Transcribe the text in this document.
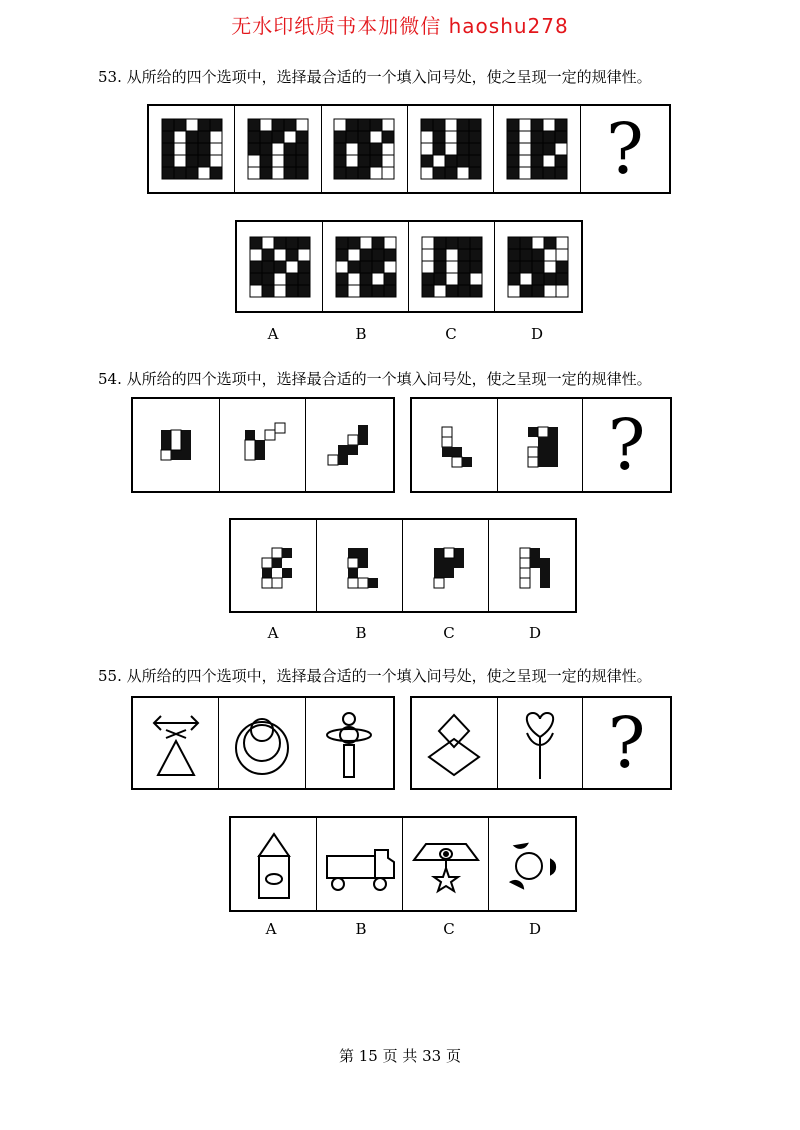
无水印纸质书本加微信 haoshu278
53. 从所给的四个选项中，选择最合适的一个填入问号处，使之呈现一定的规律性。
?
A	B	C	D
54. 从所给的四个选项中，选择最合适的一个填入问号处，使之呈现一定的规律性。
?
A	B	C	D
55. 从所给的四个选项中，选择最合适的一个填入问号处，使之呈现一定的规律性。
?
A	B	C	D
第 15 页 共 33 页
